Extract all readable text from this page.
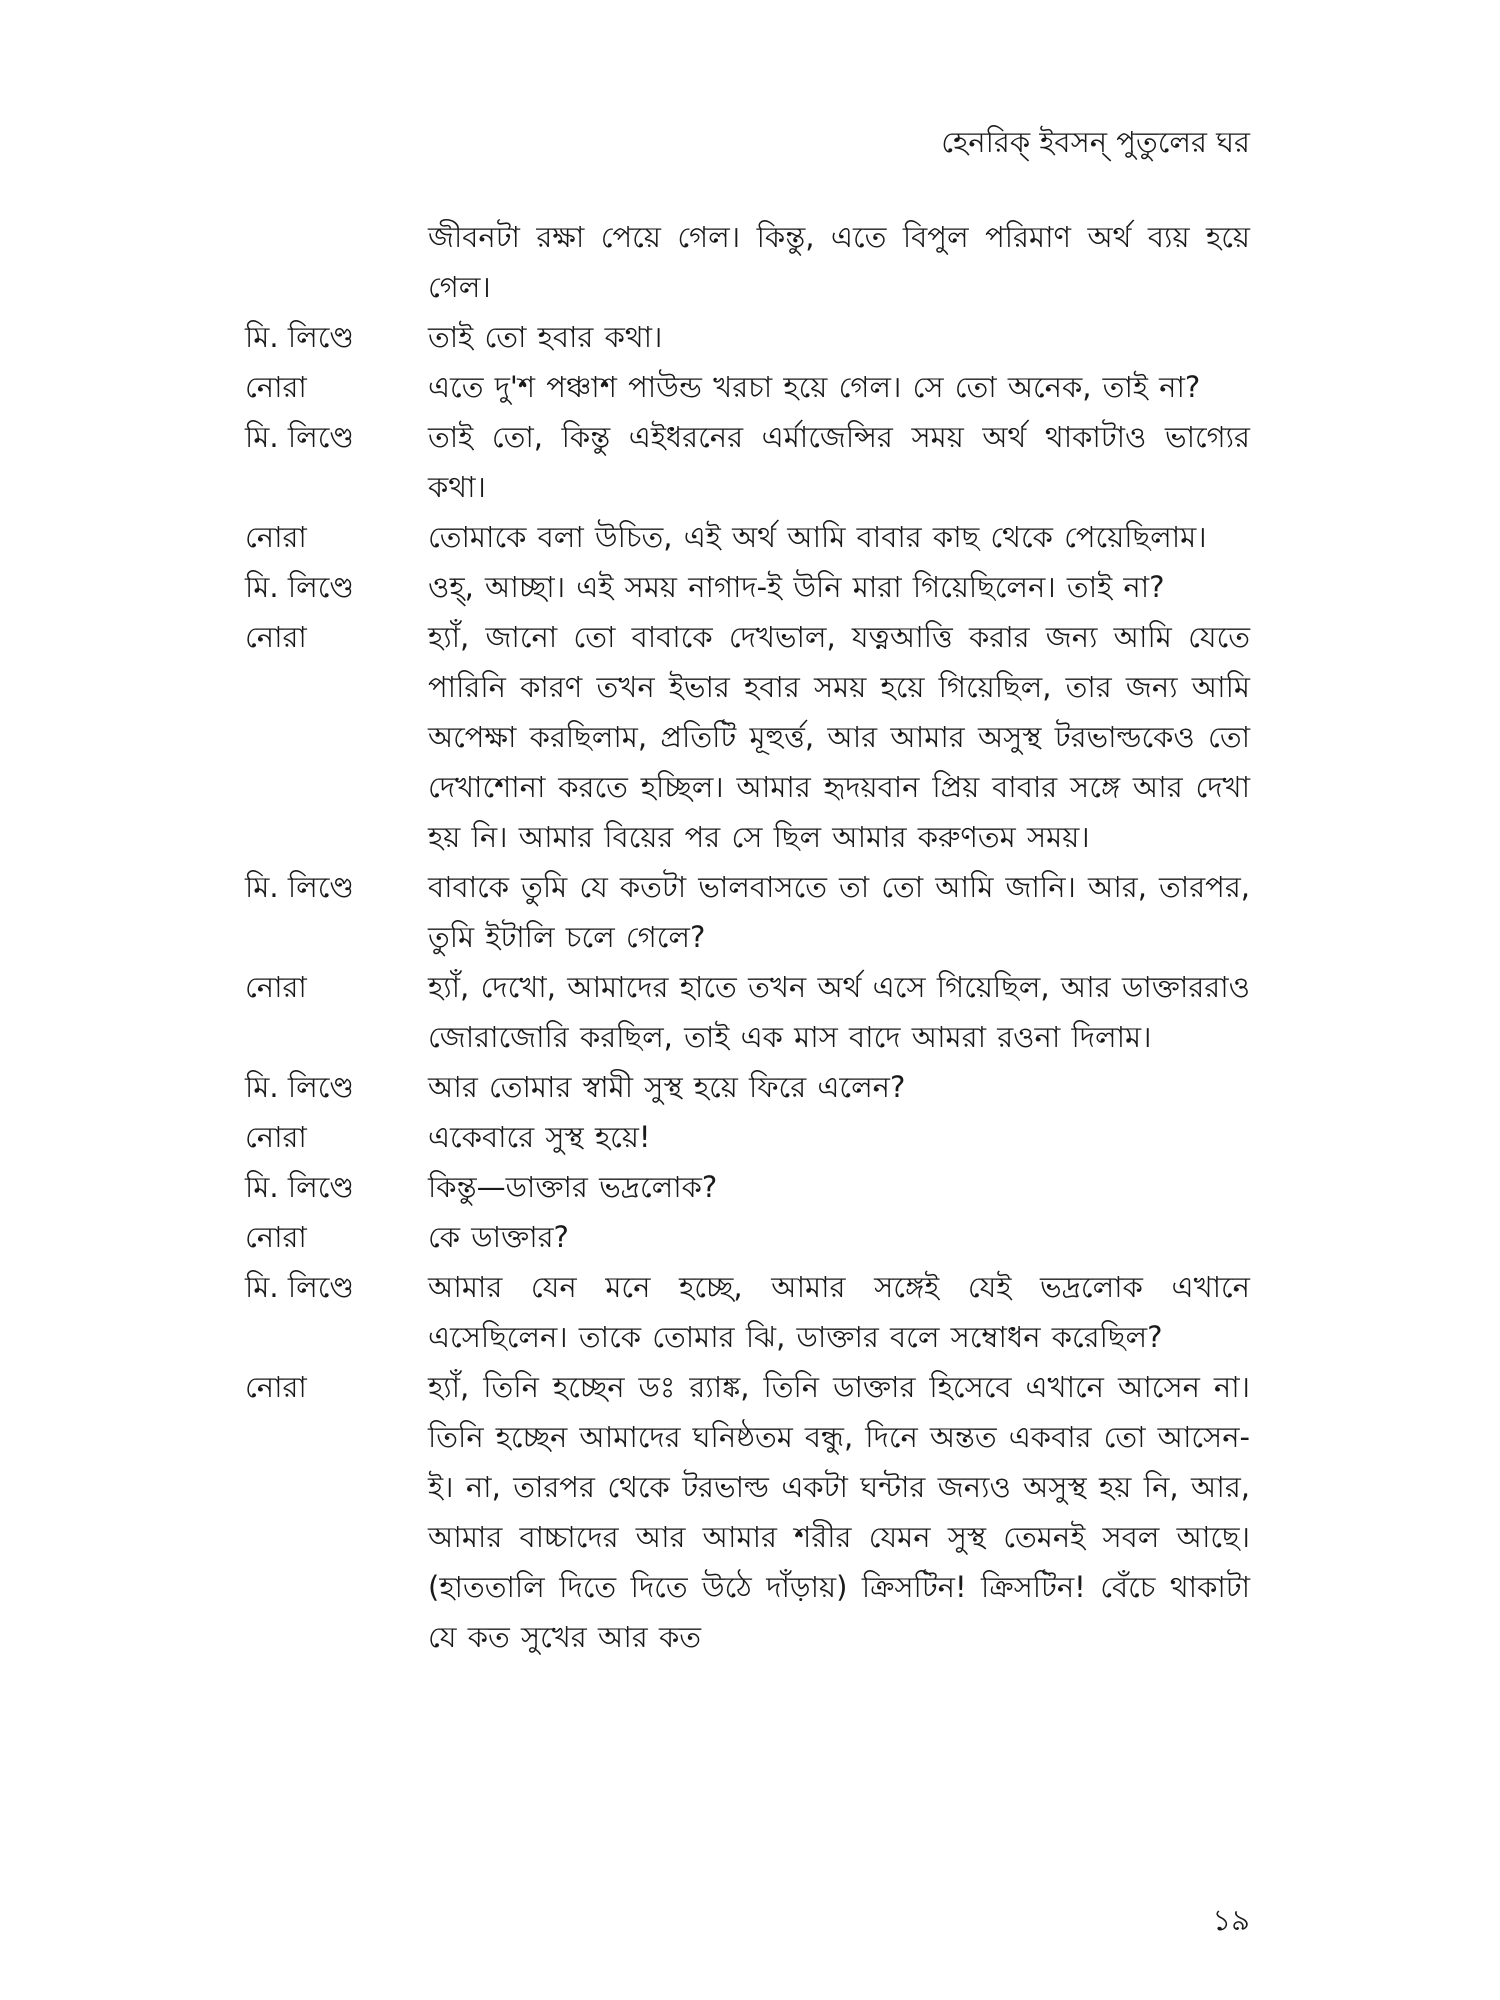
হেনরিক্‌ ইবসন্‌ পুতুলের ঘর
জীবনটা রক্ষা পেয়ে গেল। কিন্তু, এতে বিপুল পরিমাণ অর্থ ব্যয় হয়ে গেল।
মি. লিণ্ডে	তাই তো হবার কথা।
নোরা	এতে দু'শ পঞ্চাশ পাউন্ড খরচা হয়ে গেল। সে তো অনেক, তাই না?
মি. লিণ্ডে	তাই তো, কিন্তু এইধরনের এর্মাজেন্সির সময় অর্থ থাকাটাও ভাগ্যের কথা।
নোরা	তোমাকে বলা উচিত, এই অর্থ আমি বাবার কাছ থেকে পেয়েছিলাম।
মি. লিণ্ডে	ওহ্, আচ্ছা। এই সময় নাগাদ-ই উনি মারা গিয়েছিলেন। তাই না?
নোরা	হ্যাঁ, জানো তো বাবাকে দেখভাল, যত্নআত্তি করার জন্য আমি যেতে পারিনি কারণ তখন ইভার হবার সময় হয়ে গিয়েছিল, তার জন্য আমি অপেক্ষা করছিলাম, প্রতিটি মূহুর্ত্ত, আর আমার অসুস্থ টরভাল্ডকেও তো দেখাশোনা করতে হচ্ছিল। আমার হৃদয়বান প্রিয় বাবার সঙ্গে আর দেখা হয় নি। আমার বিয়ের পর সে ছিল আমার করুণতম সময়।
মি. লিণ্ডে	বাবাকে তুমি যে কতটা ভালবাসতে তা তো আমি জানি। আর, তারপর, তুমি ইটালি চলে গেলে?
নোরা	হ্যাঁ, দেখো, আমাদের হাতে তখন অর্থ এসে গিয়েছিল, আর ডাক্তাররাও জোরাজোরি করছিল, তাই এক মাস বাদে আমরা রওনা দিলাম।
মি. লিণ্ডে	আর তোমার স্বামী সুস্থ হয়ে ফিরে এলেন?
নোরা	একেবারে সুস্থ হয়ে!
মি. লিণ্ডে	কিন্তু—ডাক্তার ভদ্রলোক?
নোরা	কে ডাক্তার?
মি. লিণ্ডে	আমার যেন মনে হচ্ছে, আমার সঙ্গেই যেই ভদ্রলোক এখানে এসেছিলেন। তাকে তোমার ঝি, ডাক্তার বলে সম্বোধন করেছিল?
নোরা	হ্যাঁ, তিনি হচ্ছেন ডঃ র‍্যাঙ্ক, তিনি ডাক্তার হিসেবে এখানে আসেন না। তিনি হচ্ছেন আমাদের ঘনিষ্ঠতম বন্ধু, দিনে অন্তত একবার তো আসেন-ই। না, তারপর থেকে টরভাল্ড একটা ঘন্টার জন্যও অসুস্থ হয় নি, আর, আমার বাচ্চাদের আর আমার শরীর যেমন সুস্থ তেমনই সবল আছে। (হাততালি দিতে দিতে উঠে দাঁড়ায়) ক্রিসটিন! ক্রিসটিন! বেঁচে থাকাটা যে কত সুখের আর কত
১৯
